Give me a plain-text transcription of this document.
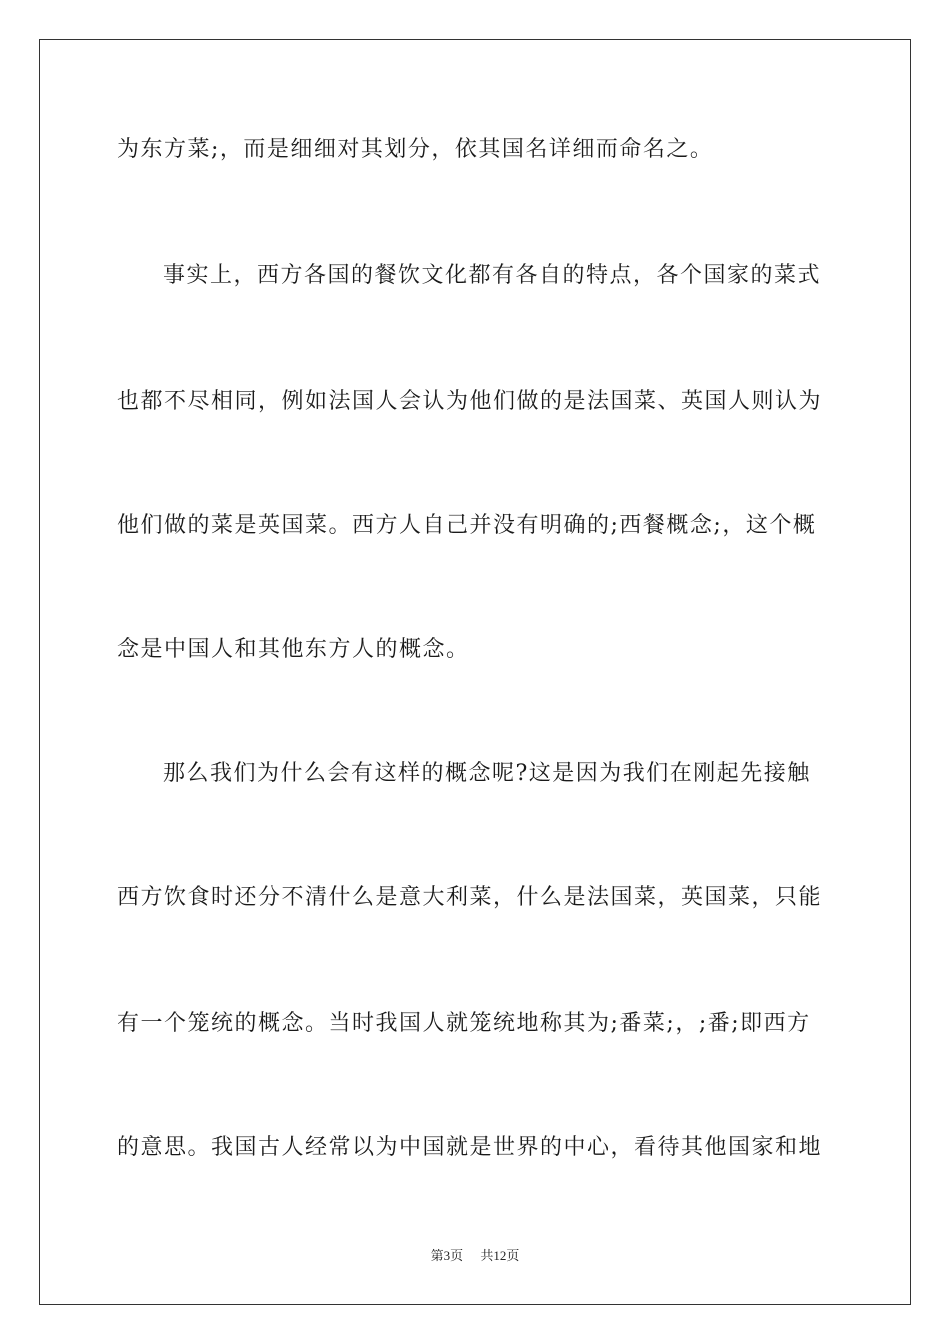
为东方菜;，而是细细对其划分，依其国名详细而命名之。
事实上，西方各国的餐饮文化都有各自的特点，各个国家的菜式
也都不尽相同，例如法国人会认为他们做的是法国菜、英国人则认为
他们做的菜是英国菜。西方人自己并没有明确的;西餐概念;，这个概
念是中国人和其他东方人的概念。
那么我们为什么会有这样的概念呢?这是因为我们在刚起先接触
西方饮食时还分不清什么是意大利菜，什么是法国菜，英国菜，只能
有一个笼统的概念。当时我国人就笼统地称其为;番菜;，;番;即西方
的意思。我国古人经常以为中国就是世界的中心，看待其他国家和地
第3页 共12页
